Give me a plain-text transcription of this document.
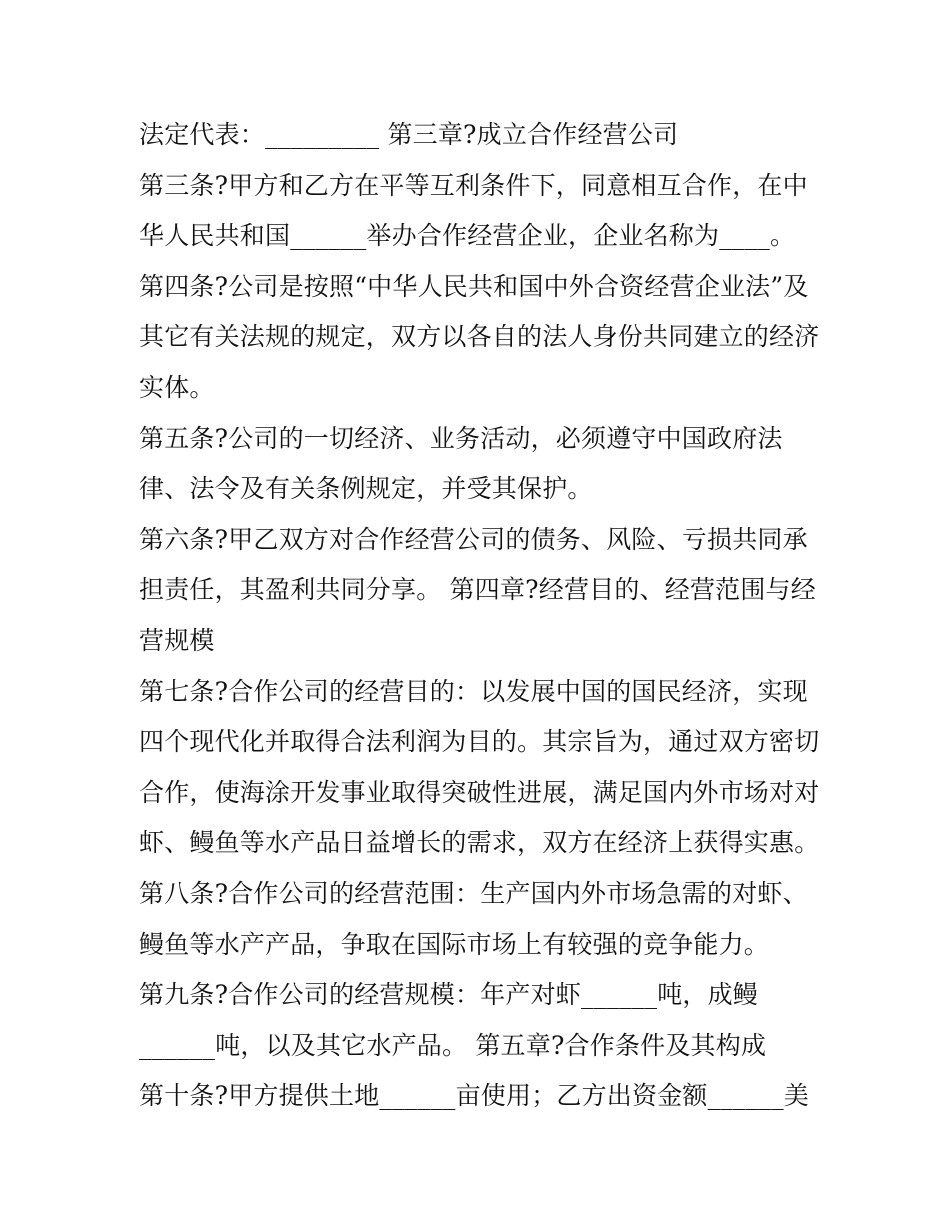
法定代表：_________ 第三章?成立合作经营公司
第三条?甲方和乙方在平等互利条件下，同意相互合作，在中
华人民共和国______举办合作经营企业，企业名称为____。
第四条?公司是按照“中华人民共和国中外合资经营企业法”及
其它有关法规的规定，双方以各自的法人身份共同建立的经济
实体。
第五条?公司的一切经济、业务活动，必须遵守中国政府法
律、法令及有关条例规定，并受其保护。
第六条?甲乙双方对合作经营公司的债务、风险、亏损共同承
担责任，其盈利共同分享。 第四章?经营目的、经营范围与经
营规模
第七条?合作公司的经营目的：以发展中国的国民经济，实现
四个现代化并取得合法利润为目的。其宗旨为，通过双方密切
合作，使海涂开发事业取得突破性进展，满足国内外市场对对
虾、鳗鱼等水产品日益增长的需求，双方在经济上获得实惠。
第八条?合作公司的经营范围：生产国内外市场急需的对虾、
鳗鱼等水产产品，争取在国际市场上有较强的竞争能力。
第九条?合作公司的经营规模：年产对虾______吨，成鳗
______吨，以及其它水产品。 第五章?合作条件及其构成
第十条?甲方提供土地______亩使用；乙方出资金额______美
